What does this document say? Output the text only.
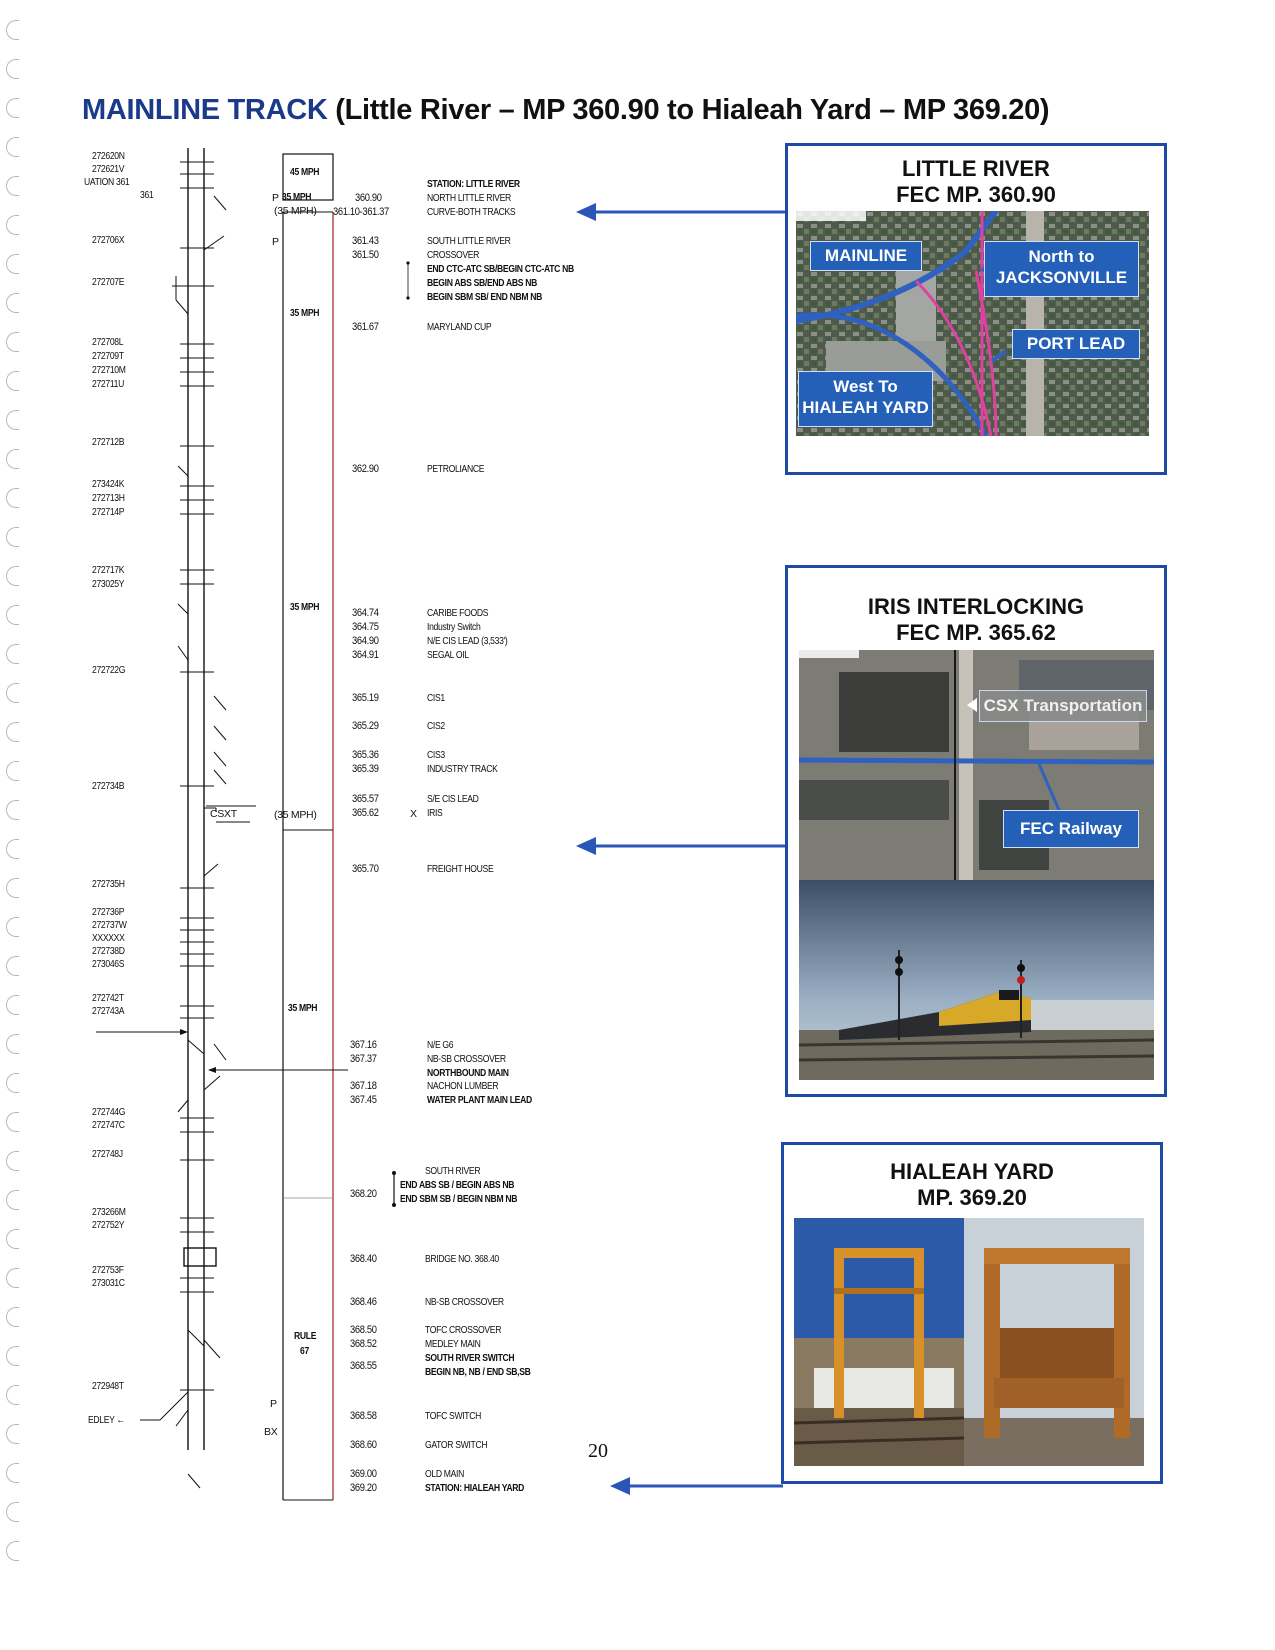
MAINLINE TRACK (Little River – MP 360.90 to Hialeah Yard – MP 369.20)
272620N
272621V
UATION 361
361
272706X
272707E
272708L
272709T
272710M
272711U
272712B
273424K
272713H
272714P
272717K
273025Y
272722G
272734B
272735H
272736P
272737W
XXXXXX
272738D
273046S
272742T
272743A
272744G
272747C
272748J
273266M
272752Y
272753F
273031C
272948T
45 MPH
35 MPH
(35 MPH)
35 MPH
35 MPH
(35 MPH)
35 MPH
RULE
67
P
P
P
BX
CSXT	X
EDLEY ←
360.90
361.10-361.37
361.43
361.50
361.67
362.90
364.74
364.75
364.90
364.91
365.19
365.29
365.36
365.39
365.57
365.62
365.70
367.16
367.37
367.18
367.45
368.20
368.40
368.46
368.50
368.52
368.55
368.58
368.60
369.00
369.20
STATION: LITTLE RIVER
NORTH LITTLE RIVER
CURVE-BOTH TRACKS
SOUTH LITTLE RIVER
CROSSOVER
END CTC-ATC SB/BEGIN CTC-ATC NB
BEGIN ABS SB/END ABS NB
BEGIN SBM SB/ END NBM NB
MARYLAND CUP
PETROLIANCE
CARIBE FOODS
Industry Switch
N/E CIS LEAD (3,533')
SEGAL OIL
CIS1
CIS2
CIS3
INDUSTRY TRACK
S/E CIS LEAD
IRIS
FREIGHT HOUSE
N/E G6
NB-SB CROSSOVER
NORTHBOUND MAIN
NACHON LUMBER
WATER PLANT MAIN LEAD
SOUTH RIVER
END ABS SB / BEGIN ABS NB
END SBM SB / BEGIN NBM NB
BRIDGE NO. 368.40
NB-SB CROSSOVER
TOFC CROSSOVER
MEDLEY MAIN
SOUTH RIVER SWITCH
BEGIN NB, NB / END SB,SB
TOFC SWITCH
GATOR SWITCH
OLD MAIN
STATION: HIALEAH YARD
LITTLE RIVER
FEC MP. 360.90
MAINLINE	North to JACKSONVILLE
PORT LEAD
West To HIALEAH YARD
IRIS INTERLOCKING
FEC MP. 365.62
CSX Transportation
FEC Railway
HIALEAH YARD
MP. 369.20
20
